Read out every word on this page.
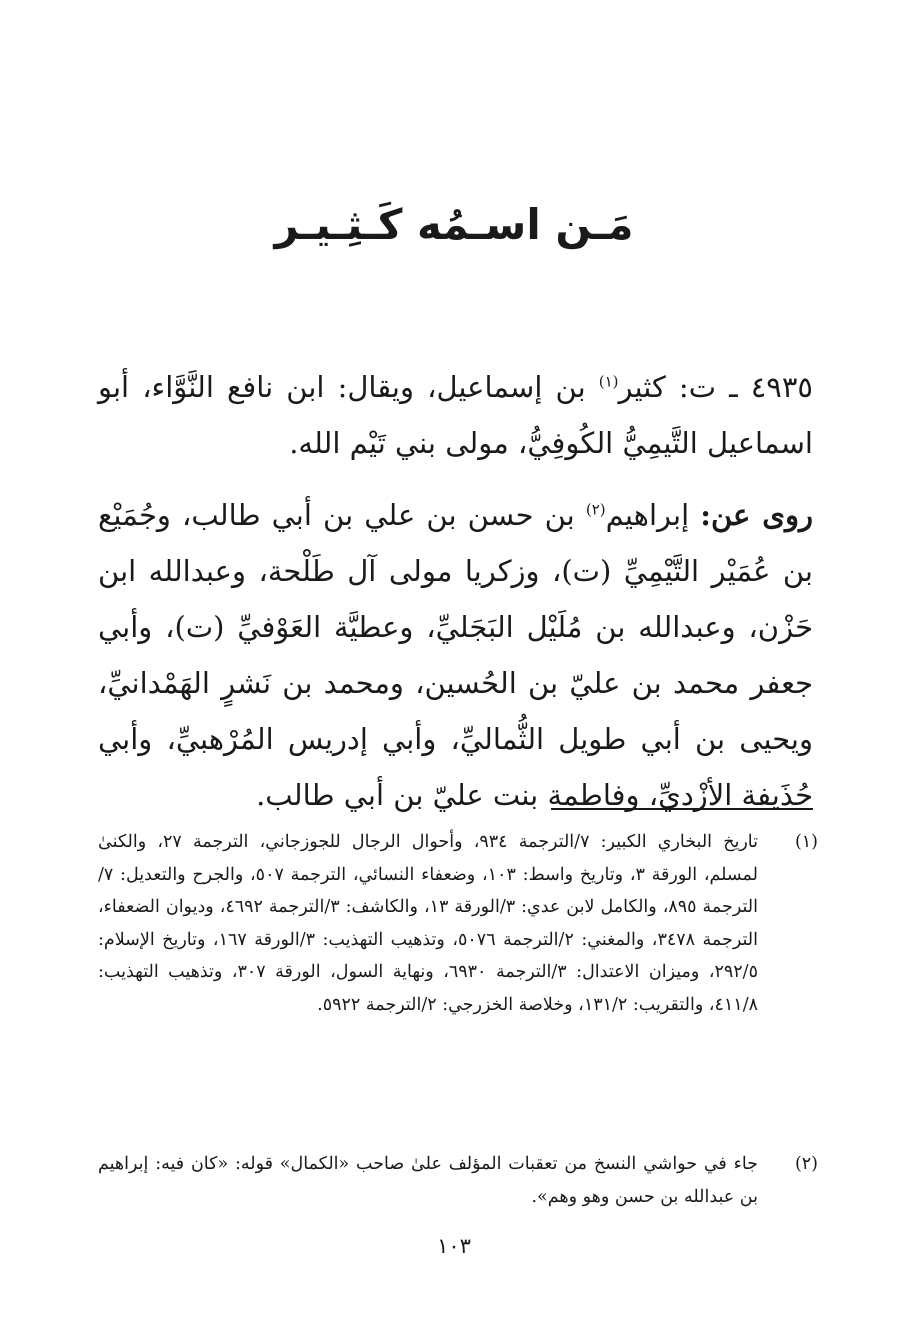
مَـن اسـمُه كَـثِـيـر

٤٩٣٥ ـ ت: كثير$^{(١)}$ بن إسماعيل، ويقال: ابن نافع النَّوَّاء، أبو اسماعيل التَّيمِيُّ الكُوفِيُّ، مولى بني تَيْم الله.

روى عن: إبراهيم$^{(٢)}$ بن حسن بن علي بن أبي طالب، وجُمَيْع بن عُمَيْر التَّيْمِيِّ (ت)، وزكريا مولى آل طَلْحة، وعبدالله ابن حَزْن، وعبدالله بن مُلَيْل البَجَليِّ، وعطيَّة العَوْفيِّ (ت)، وأبي جعفر محمد بن عليّ بن الحُسين، ومحمد بن نَشرٍ الهَمْدانيِّ، ويحيى بن أبي طويل الثُّماليِّ، وأبي إدريس المُرْهبيِّ، وأبي حُذَيفة الأزْديِّ، وفاطمة بنت عليّ بن أبي طالب.

(١)
تاريخ البخاري الكبير: ٧/الترجمة ٩٣٤، وأحوال الرجال للجوزجاني، الترجمة ٢٧، والكنىٰ لمسلم، الورقة ٣، وتاريخ واسط: ١٠٣، وضعفاء النسائي، الترجمة ٥٠٧، والجرح والتعديل: ٧/الترجمة ٨٩٥، والكامل لابن عدي: ٣/الورقة ١٣، والكاشف: ٣/الترجمة ٤٦٩٢، وديوان الضعفاء، الترجمة ٣٤٧٨، والمغني: ٢/الترجمة ٥٠٧٦، وتذهيب التهذيب: ٣/الورقة ١٦٧، وتاريخ الإسلام: ٢٩٢/٥، وميزان الاعتدال: ٣/الترجمة ٦٩٣٠، ونهاية السول، الورقة ٣٠٧، وتذهيب التهذيب: ٤١١/٨، والتقريب: ١٣١/٢، وخلاصة الخزرجي: ٢/الترجمة ٥٩٢٢.
(٢)
جاء في حواشي النسخ من تعقبات المؤلف علىٰ صاحب «الكمال» قوله: «كان فيه: إبراهيم بن عبدالله بن حسن وهو وهم».
١٠٣
